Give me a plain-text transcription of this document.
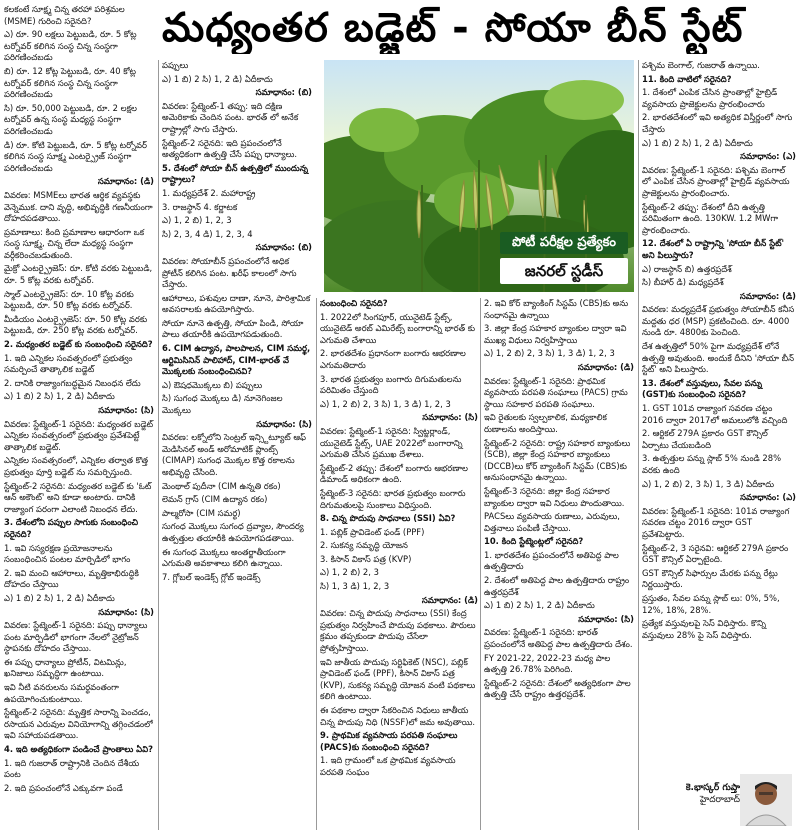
మధ్యంతర బడ్జెట్ - సోయా బీన్ స్టేట్
పోటీ పరీక్షల ప్రత్యేకం
జనరల్ స్టడీస్

కలకంటే సూక్ష్మ చిన్న తరహా పరిశ్రమల (MSME) గురించి సరైనది?

ఎ) రూ. 90 లక్షలు పెట్టుబడి, రూ. 5 కోట్ల టర్నోవర్ కలిగిన సంస్థ చిన్న సంస్థగా పరిగణించబడు

బి) రూ. 12 కోట్ల పెట్టుబడి, రూ. 40 కోట్ల టర్నోవర్ కలిగిన సంస్థ చిన్న సంస్థగా పరిగణించబడు

సి) రూ. 50,000 పెట్టుబడి, రూ. 2 లక్షల టర్నోవర్ ఉన్న సంస్థ మధ్యస్థ సంస్థగా పరిగణించబడు

డి) రూ. కోటి పెట్టుబడి, రూ. 5 కోట్ల టర్నోవర్ కలిగిన సంస్థ సూక్ష్మ ఎంటర్ప్రైజ్ సంస్థగా పరిగణించబడు

సమాధానం: (డి)

వివరణ: MSMEలు భారత ఆర్థిక వ్యవస్థకు వెన్నెముక. దాని వృద్ధి, అభివృద్ధికి గణనీయంగా దోహదపడతాయి.

ప్రమాణాలు: కింది ప్రమాణాల ఆధారంగా ఒక సంస్థ సూక్ష్మ, చిన్న లేదా మధ్యస్థ సంస్థగా వర్గీకరించబడుతుంది.

మైక్రో ఎంటర్ప్రైజెస్: రూ. కోటి వరకు పెట్టుబడి, రూ. 5 కోట్ల వరకు టర్నోవర్.

స్మాల్ ఎంటర్ప్రైజెస్: రూ. 10 కోట్ల వరకు పెట్టుబడి, రూ. 50 కోట్ల వరకు టర్నోవర్.

మీడియం ఎంటర్ప్రైజెస్: రూ. 50 కోట్ల వరకు పెట్టుబడి, రూ. 250 కోట్ల వరకు టర్నోవర్.

2. మధ్యంతర బడ్జెట్ కు సంబంధించి సరైనది?

1. ఇది ఎన్నికల సంవత్సరంలో ప్రభుత్వం సమర్పించే తాత్కాలిక బడ్జెట్

2. దానికి రాజ్యాంగబద్ధమైన నిబంధన లేదు

ఎ) 1 బి) 2 సి) 1, 2 డి) ఏదీకాదు

సమాధానం: (సి)

వివరణ: స్టేట్మెంట్-1 సరైనది: మధ్యంతర బడ్జెట్ ఎన్నికల సంవత్సరంలో ప్రభుత్వం ప్రవేశపెట్టే తాత్కాలిక బడ్జెట్.

ఎన్నికల సంవత్సరంలో, ఎన్నికల తర్వాత కొత్త ప్రభుత్వం పూర్తి బడ్జెట్ ను సమర్పిస్తుంది.

స్టేట్మెంట్-2 సరైనది: మధ్యంతర బడ్జెట్ కు 'ఓట్ ఆన్ అకౌంట్' అని కూడా అంటారు. దానికి రాజ్యాంగ పరంగా ఎలాంటి నిబంధన లేదు.

3. దేశంలోని పప్పుల సాగుకు సంబంధించి సరైనది?

1. ఇవి సస్యరక్షణ ప్రయోజనాలను సంబంధించిన పంటల మార్పిడిలో భాగం

2. ఇవి మంచి ఆహారాలు, మృత్తికాభిరుద్ధికి దోహదం చేస్తాయి

ఎ) 1 బి) 2 సి) 1, 2 డి) ఏదీకాదు

సమాధానం: (సి)

వివరణ: స్టేట్మెంట్-1 సరైనది: పప్పు ధాన్యాలు పంట మార్పిడిలో భాగంగా నేలలో నైట్రోజన్ స్థాపనకు దోహదం చేస్తాయి.

ఈ పప్పు ధాన్యాలు ప్రోటీన్, విటమిన్లు, ఖనిజాలు సమృద్ధిగా ఉంటాయి.

ఇవి నీటి వనరులను సమర్థవంతంగా ఉపయోగించుకుంటాయి.

స్టేట్మెంట్-2 సరైనది: మృత్తిక సారాన్ని పెంచడం, రసాయన ఎరువుల వినియోగాన్ని తగ్గించడంలో ఇవి సహాయపడతాయి.

4. ఇది అత్యధికంగా పండించే ప్రాంతాలు ఏవి?

1. ఇది గుజరాత్ రాష్ట్రానికి చెందిన దేశీయ పంట

2. ఇది ప్రపంచంలోనే ఎక్కువగా పండే

పప్పులు

ఎ) 1 బి) 2 సి) 1, 2 డి) ఏదీకాదు

సమాధానం: (బి)

వివరణ: స్టేట్మెంట్-1 తప్పు: ఇది దక్షిణ అమెరికాకు చెందిన పంట. భారత్ లో అనేక రాష్ట్రాల్లో సాగు చేస్తారు.

స్టేట్మెంట్-2 సరైనది: ఇది ప్రపంచంలోనే అత్యధికంగా ఉత్పత్తి చేసే పప్పు ధాన్యాలు.

5. దేశంలో సోయా బీన్ ఉత్పత్తిలో ముందున్న రాష్ట్రాలు?

1. మధ్యప్రదేశ్ 2. మహారాష్ట్ర

3. రాజస్థాన్ 4. కర్ణాటక

ఎ) 1, 2 బి) 1, 2, 3

సి) 2, 3, 4 డి) 1, 2, 3, 4

సమాధానం: (బి)

వివరణ: సోయాబీన్ ప్రపంచంలోనే అధిక ప్రోటీన్ కలిగిన పంట. ఖరీఫ్ కాలంలో సాగు చేస్తారు.

ఆహారాలు, పశువుల దాణా, నూనె, పారిశ్రామిక అవసరాలకు ఉపయోగిస్తారు.

సోయా నూనె ఉత్పత్తి, సోయా పిండి, సోయా పాలు తయారీకి ఉపయోగపడుతుంది.

6. CIM ఉద్యాన, పాలపాలన, CIM సమర్థ, ఆర్టిమిసినిన్ పాలిహాద్, CIM-భారత్ వే మొక్కలకు సంబంధించినవి?

ఎ) ఔషధమొక్కలు బి) పప్పులు

సి) సుగంధ మొక్కలు డి) నూనెగింజల మొక్కలు

సమాధానం: (సి)

వివరణ: లక్నోలోని సెంట్రల్ ఇన్స్టిట్యూట్ ఆఫ్ మెడిసినల్ అండ్ అరోమాటిక్ ప్లాంట్స్ (CIMAP) సుగంధ మొక్కల కొత్త రకాలను అభివృద్ధి చేసింది.

మెంథాల్ పుదీనా (CIM ఉన్నతి రకం)

లెమన్ గ్రాస్ (CIM ఉద్యాన రకం)

పాల్మరోసా (CIM సమర్థ)

సుగంధ మొక్కలు సుగంధ ద్రవ్యాల, సౌందర్య ఉత్పత్తుల తయారీకి ఉపయోగపడతాయి.

ఈ సుగంధ మొక్కలు అంతర్జాతీయంగా ఎగుమతి అవకాశాలు కలిగి ఉన్నాయి.

7. గ్లోబల్ ఇండెక్స్ గ్లోబ్ ఇండెక్స్

సంబంధించి సరైనది?

1. 2022లో సింగపూర్, యునైటెడ్ స్టేట్స్, యునైటెడ్ అరబ్ ఎమిరేట్స్ బంగారాన్ని భారత్ కు ఎగుమతి చేశాయి

2. భారతదేశం ప్రధానంగా బంగారు ఆభరణాల ఎగుమతిదారు

3. భారత ప్రభుత్వం బంగారు దిగుమతులను పరిమితం చేస్తుంది

ఎ) 1, 2 బి) 2, 3 సి) 1, 3 డి) 1, 2, 3

సమాధానం: (సి)

వివరణ: స్టేట్మెంట్-1 సరైనది: స్విట్జర్లాండ్, యునైటెడ్ స్టేట్స్, UAE 2022లో బంగారాన్ని ఎగుమతి చేసిన ప్రముఖ దేశాలు.

స్టేట్మెంట్-2 తప్పు: దేశంలో బంగారు ఆభరణాల డిమాండ్ అధికంగా ఉంది.

స్టేట్మెంట్-3 సరైనది: భారత ప్రభుత్వం బంగారు దిగుమతులపై సుంకాలు విధిస్తుంది.

8. చిన్న పొదుపు సాధనాలు (SSI) ఏవి?

1. పబ్లిక్ ప్రావిడెంట్ ఫండ్ (PPF)

2. సుకన్య సమృద్ధి యోజన

3. కిసాన్ వికాస్ పత్ర (KVP)

ఎ) 1, 2 బి) 2, 3

సి) 1, 3 డి) 1, 2, 3

సమాధానం: (డి)

వివరణ: చిన్న పొదుపు సాధనాలు (SSI) కేంద్ర ప్రభుత్వం నిర్వహించే పొదుపు పథకాలు. పౌరులు క్రమం తప్పకుండా పొదుపు చేసేలా ప్రోత్సహిస్తాయి.

ఇవి జాతీయ పొదుపు సర్టిఫికెట్ (NSC), పబ్లిక్ ప్రావిడెంట్ ఫండ్ (PPF), కిసాన్ వికాస్ పత్ర (KVP), సుకన్య సమృద్ధి యోజన వంటి పథకాలు కలిగి ఉంటాయి.

ఈ పథకాల ద్వారా సేకరించిన నిధులు జాతీయ చిన్న పొదుపు నిధి (NSSF)లో జమ అవుతాయి.

9. ప్రాథమిక వ్యవసాయ పరపతి సంఘాలు (PACS)కు సంబంధించి సరైనది?

1. ఇది గ్రామంలో ఒక ప్రాథమిక వ్యవసాయ పరపతి సంఘం

2. ఇవి కోర్ బ్యాంకింగ్ సిస్టమ్ (CBS)కు అను సంధానమై ఉన్నాయి

3. జిల్లా కేంద్ర సహకార బ్యాంకుల ద్వారా ఇవి ముఖ్య విధులు నిర్వహిస్తాయి

ఎ) 1, 2 బి) 2, 3 సి) 1, 3 డి) 1, 2, 3

సమాధానం: (డి)

వివరణ: స్టేట్మెంట్-1 సరైనది: ప్రాథమిక వ్యవసాయ పరపతి సంఘాలు (PACS) గ్రామ స్థాయి సహకార పరపతి సంఘాలు.

ఇవి రైతులకు స్వల్పకాలిక, మధ్యకాలిక రుణాలను అందిస్తాయి.

స్టేట్మెంట్-2 సరైనది: రాష్ట్ర సహకార బ్యాంకులు (SCB), జిల్లా కేంద్ర సహకార బ్యాంకులు (DCCB)లు కోర్ బ్యాంకింగ్ సిస్టమ్ (CBS)కు అనుసంధానమై ఉన్నాయి.

స్టేట్మెంట్-3 సరైనది: జిల్లా కేంద్ర సహకార బ్యాంకుల ద్వారా ఇవి నిధులు పొందుతాయి.

PACSలు వ్యవసాయ రుణాలు, ఎరువులు, విత్తనాలు పంపిణీ చేస్తాయి.

10. కింది స్టేట్మెంట్లలో సరైనది?

1. భారతదేశం ప్రపంచంలోనే అతిపెద్ద పాల ఉత్పత్తిదారు

2. దేశంలో అతిపెద్ద పాల ఉత్పత్తిదారు రాష్ట్రం ఉత్తరప్రదేశ్

ఎ) 1 బి) 2 సి) 1, 2 డి) ఏదీకాదు

సమాధానం: (సి)

వివరణ: స్టేట్మెంట్-1 సరైనది: భారత్ ప్రపంచంలోనే అతిపెద్ద పాల ఉత్పత్తిదారు దేశం.

FY 2021-22, 2022-23 మధ్య పాల ఉత్పత్తి 26.78% పెరిగింది.

స్టేట్మెంట్-2 సరైనది: దేశంలో అత్యధికంగా పాల ఉత్పత్తి చేసే రాష్ట్రం ఉత్తరప్రదేశ్.

పశ్చిమ బెంగాల్, గుజరాత్ ఉన్నాయి.

11. కింది వాటిలో సరైనది?

1. దేశంలో ఎంపిక చేసిన ప్రాంతాల్లో హైబ్రిడ్ వ్యవసాయ ప్రాజెక్టులను ప్రారంభించారు

2. భారతదేశంలో ఇవి అత్యధిక విస్తీర్ణంలో సాగు చేస్తారు

ఎ) 1 బి) 2 సి) 1, 2 డి) ఏదీకాదు

సమాధానం: (ఎ)

వివరణ: స్టేట్మెంట్-1 సరైనది: పశ్చిమ బెంగాల్ లో ఎంపిక చేసిన ప్రాంతాల్లో హైబ్రిడ్ వ్యవసాయ ప్రాజెక్టులను ప్రారంభించారు.

స్టేట్మెంట్-2 తప్పు: దేశంలో దీని ఉత్పత్తి పరిమితంగా ఉంది. 130KW. 1.2 MWగా ప్రారంభించారు.

12. దేశంలో ఏ రాష్ట్రాన్ని 'సోయా బీన్ స్టేట్' అని పిలుస్తారు?

ఎ) రాజస్థాన్ బి) ఉత్తరప్రదేశ్

సి) బీహార్ డి) మధ్యప్రదేశ్

సమాధానం: (డి)

వివరణ: మధ్యప్రదేశ్ ప్రభుత్వం సోయాబీన్ కనీస మద్దతు ధర (MSP) ప్రకటించింది. రూ. 4000 నుండి రూ. 4800కు పెంచింది.

దేశ ఉత్పత్తిలో 50% పైగా మధ్యప్రదేశ్ లోనే ఉత్పత్తి అవుతుంది. అందుకే దీనిని 'సోయా బీన్ స్టేట్' అని పిలుస్తారు.

13. దేశంలో వస్తువులు, సేవల పన్ను (GST)కు సంబంధించి సరైనది?

1. GST 101వ రాజ్యాంగ సవరణ చట్టం 2016 ద్వారా 2017లో అమలులోకి వచ్చింది

2. ఆర్టికల్ 279A ప్రకారం GST కౌన్సిల్ ఏర్పాటు చేయబడింది

3. ఉత్పత్తుల పన్ను స్లాబ్ 5% నుండి 28% వరకు ఉంది

ఎ) 1, 2 బి) 2, 3 సి) 1, 3 డి) ఏదీకాదు

సమాధానం: (ఎ)

వివరణ: స్టేట్మెంట్-1 సరైనది: 101వ రాజ్యాంగ సవరణ చట్టం 2016 ద్వారా GST ప్రవేశపెట్టారు.

స్టేట్మెంట్-2, 3 సరైనవి: ఆర్టికల్ 279A ప్రకారం GST కౌన్సిల్ ఏర్పాటైంది.

GST కౌన్సిల్ సిఫార్సుల మేరకు పన్ను రేట్లు నిర్ణయిస్తారు.

ప్రస్తుతం, సేవల పన్ను స్లాబ్ లు: 0%, 5%, 12%, 18%, 28%.

ప్రత్యేక వస్తువులపై సెస్ విధిస్తారు. కొన్ని వస్తువులు 28% పై సెస్ విధిస్తారు.

కె.భాస్కర్ గుప్తా
హైదరాబాద్
